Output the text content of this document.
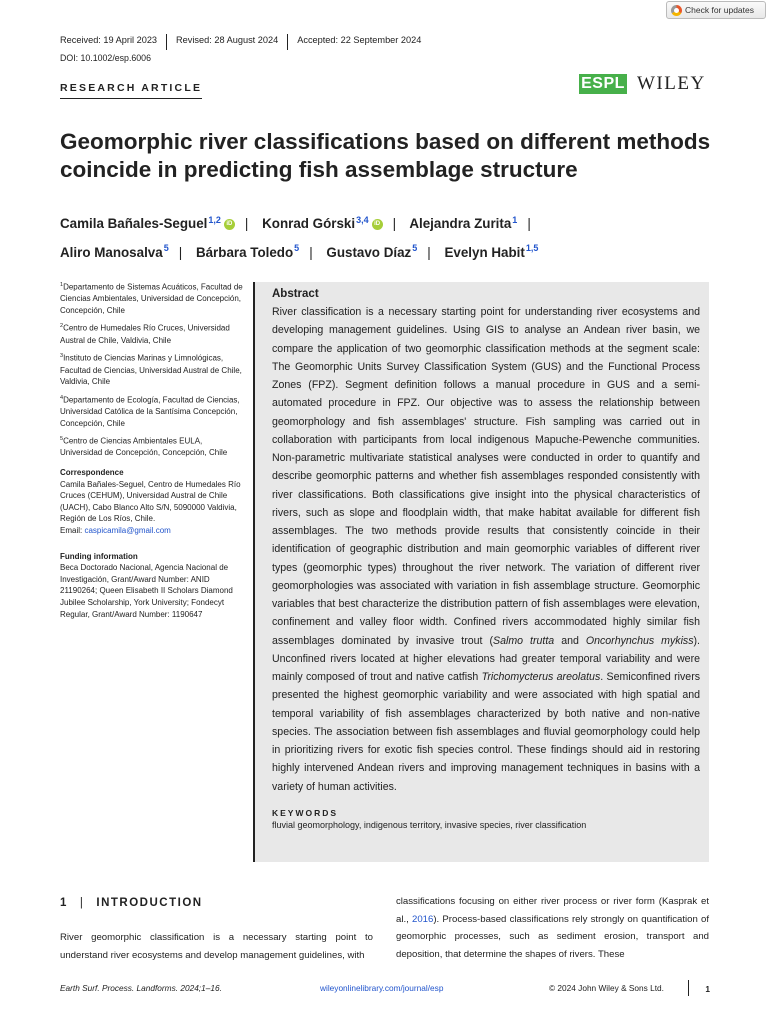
Check for updates
Received: 19 April 2023	Revised: 28 August 2024	Accepted: 22 September 2024
DOI: 10.1002/esp.6006
RESEARCH ARTICLE	ESPL WILEY
Geomorphic river classifications based on different methods coincide in predicting fish assemblage structure
Camila Bañales-Seguel$^{1,2}$ iD | Konrad Górski$^{3,4}$ iD | Alejandra Zurita$^1$ |
Aliro Manosalva$^5$ | Bárbara Toledo$^5$ | Gustavo Díaz$^5$ | Evelyn Habit$^{1,5}$
$^1$Departamento de Sistemas Acuáticos, Facultad de Ciencias Ambientales, Universidad de Concepción, Concepción, Chile
$^2$Centro de Humedales Río Cruces, Universidad Austral de Chile, Valdivia, Chile
$^3$Instituto de Ciencias Marinas y Limnológicas, Facultad de Ciencias, Universidad Austral de Chile, Valdivia, Chile
$^4$Departamento de Ecología, Facultad de Ciencias, Universidad Católica de la Santísima Concepción, Concepción, Chile
$^5$Centro de Ciencias Ambientales EULA, Universidad de Concepción, Concepción, Chile
Correspondence
Camila Bañales-Seguel, Centro de Humedales Río Cruces (CEHUM), Universidad Austral de Chile (UACH), Cabo Blanco Alto S/N, 5090000 Valdivia, Región de Los Ríos, Chile.
Email: caspicamila@gmail.com
Funding information
Beca Doctorado Nacional, Agencia Nacional de Investigación, Grant/Award Number: ANID 21190264; Queen Elisabeth II Scholars Diamond Jubilee Scholarship, York University; Fondecyt Regular, Grant/Award Number: 1190647
Abstract

River classification is a necessary starting point for understanding river ecosystems and developing management guidelines. Using GIS to analyse an Andean river basin, we compare the application of two geomorphic classification methods at the segment scale: The Geomorphic Units Survey Classification System (GUS) and the Functional Process Zones (FPZ). Segment definition follows a manual procedure in GUS and a semi-automated procedure in FPZ. Our objective was to assess the relationship between geomorphology and fish assemblages' structure. Fish sampling was carried out in collaboration with participants from local indigenous Mapuche-Pewenche communities. Non-parametric multivariate statistical analyses were conducted in order to quantify and describe geomorphic patterns and whether fish assemblages responded consistently with river classifications. Both classifications give insight into the physical characteristics of rivers, such as slope and floodplain width, that make habitat available for different fish assemblages. The two methods provide results that consistently coincide in their identification of geographic distribution and main geomorphic variables of different river types (geomorphic types) throughout the river network. The variation of different river geomorphologies was associated with variation in fish assemblage structure. Geomorphic variables that best characterize the distribution pattern of fish assemblages were elevation, confinement and valley floor width. Confined rivers accommodated highly similar fish assemblages dominated by invasive trout (Salmo trutta and Oncorhynchus mykiss). Unconfined rivers located at higher elevations had greater temporal variability and were mainly composed of trout and native catfish Trichomycterus areolatus. Semiconfined rivers presented the highest geomorphic variability and were associated with high spatial and temporal variability of fish assemblages characterized by both native and non-native species. The association between fish assemblages and fluvial geomorphology could help in prioritizing rivers for exotic fish species control. These findings should aid in restoring highly intervened Andean rivers and improving management techniques in basins with a variety of human activities.

KEYWORDS
fluvial geomorphology, indigenous territory, invasive species, river classification
1 | INTRODUCTION

River geomorphic classification is a necessary starting point to understand river ecosystems and develop management guidelines, with

classifications focusing on either river process or river form (Kasprak et al., 2016). Process-based classifications rely strongly on quantification of geomorphic processes, such as sediment erosion, transport and deposition, that determine the shapes of rivers. These

Earth Surf. Process. Landforms. 2024;1–16.	wileyonlinelibrary.com/journal/esp	© 2024 John Wiley & Sons Ltd.	1
